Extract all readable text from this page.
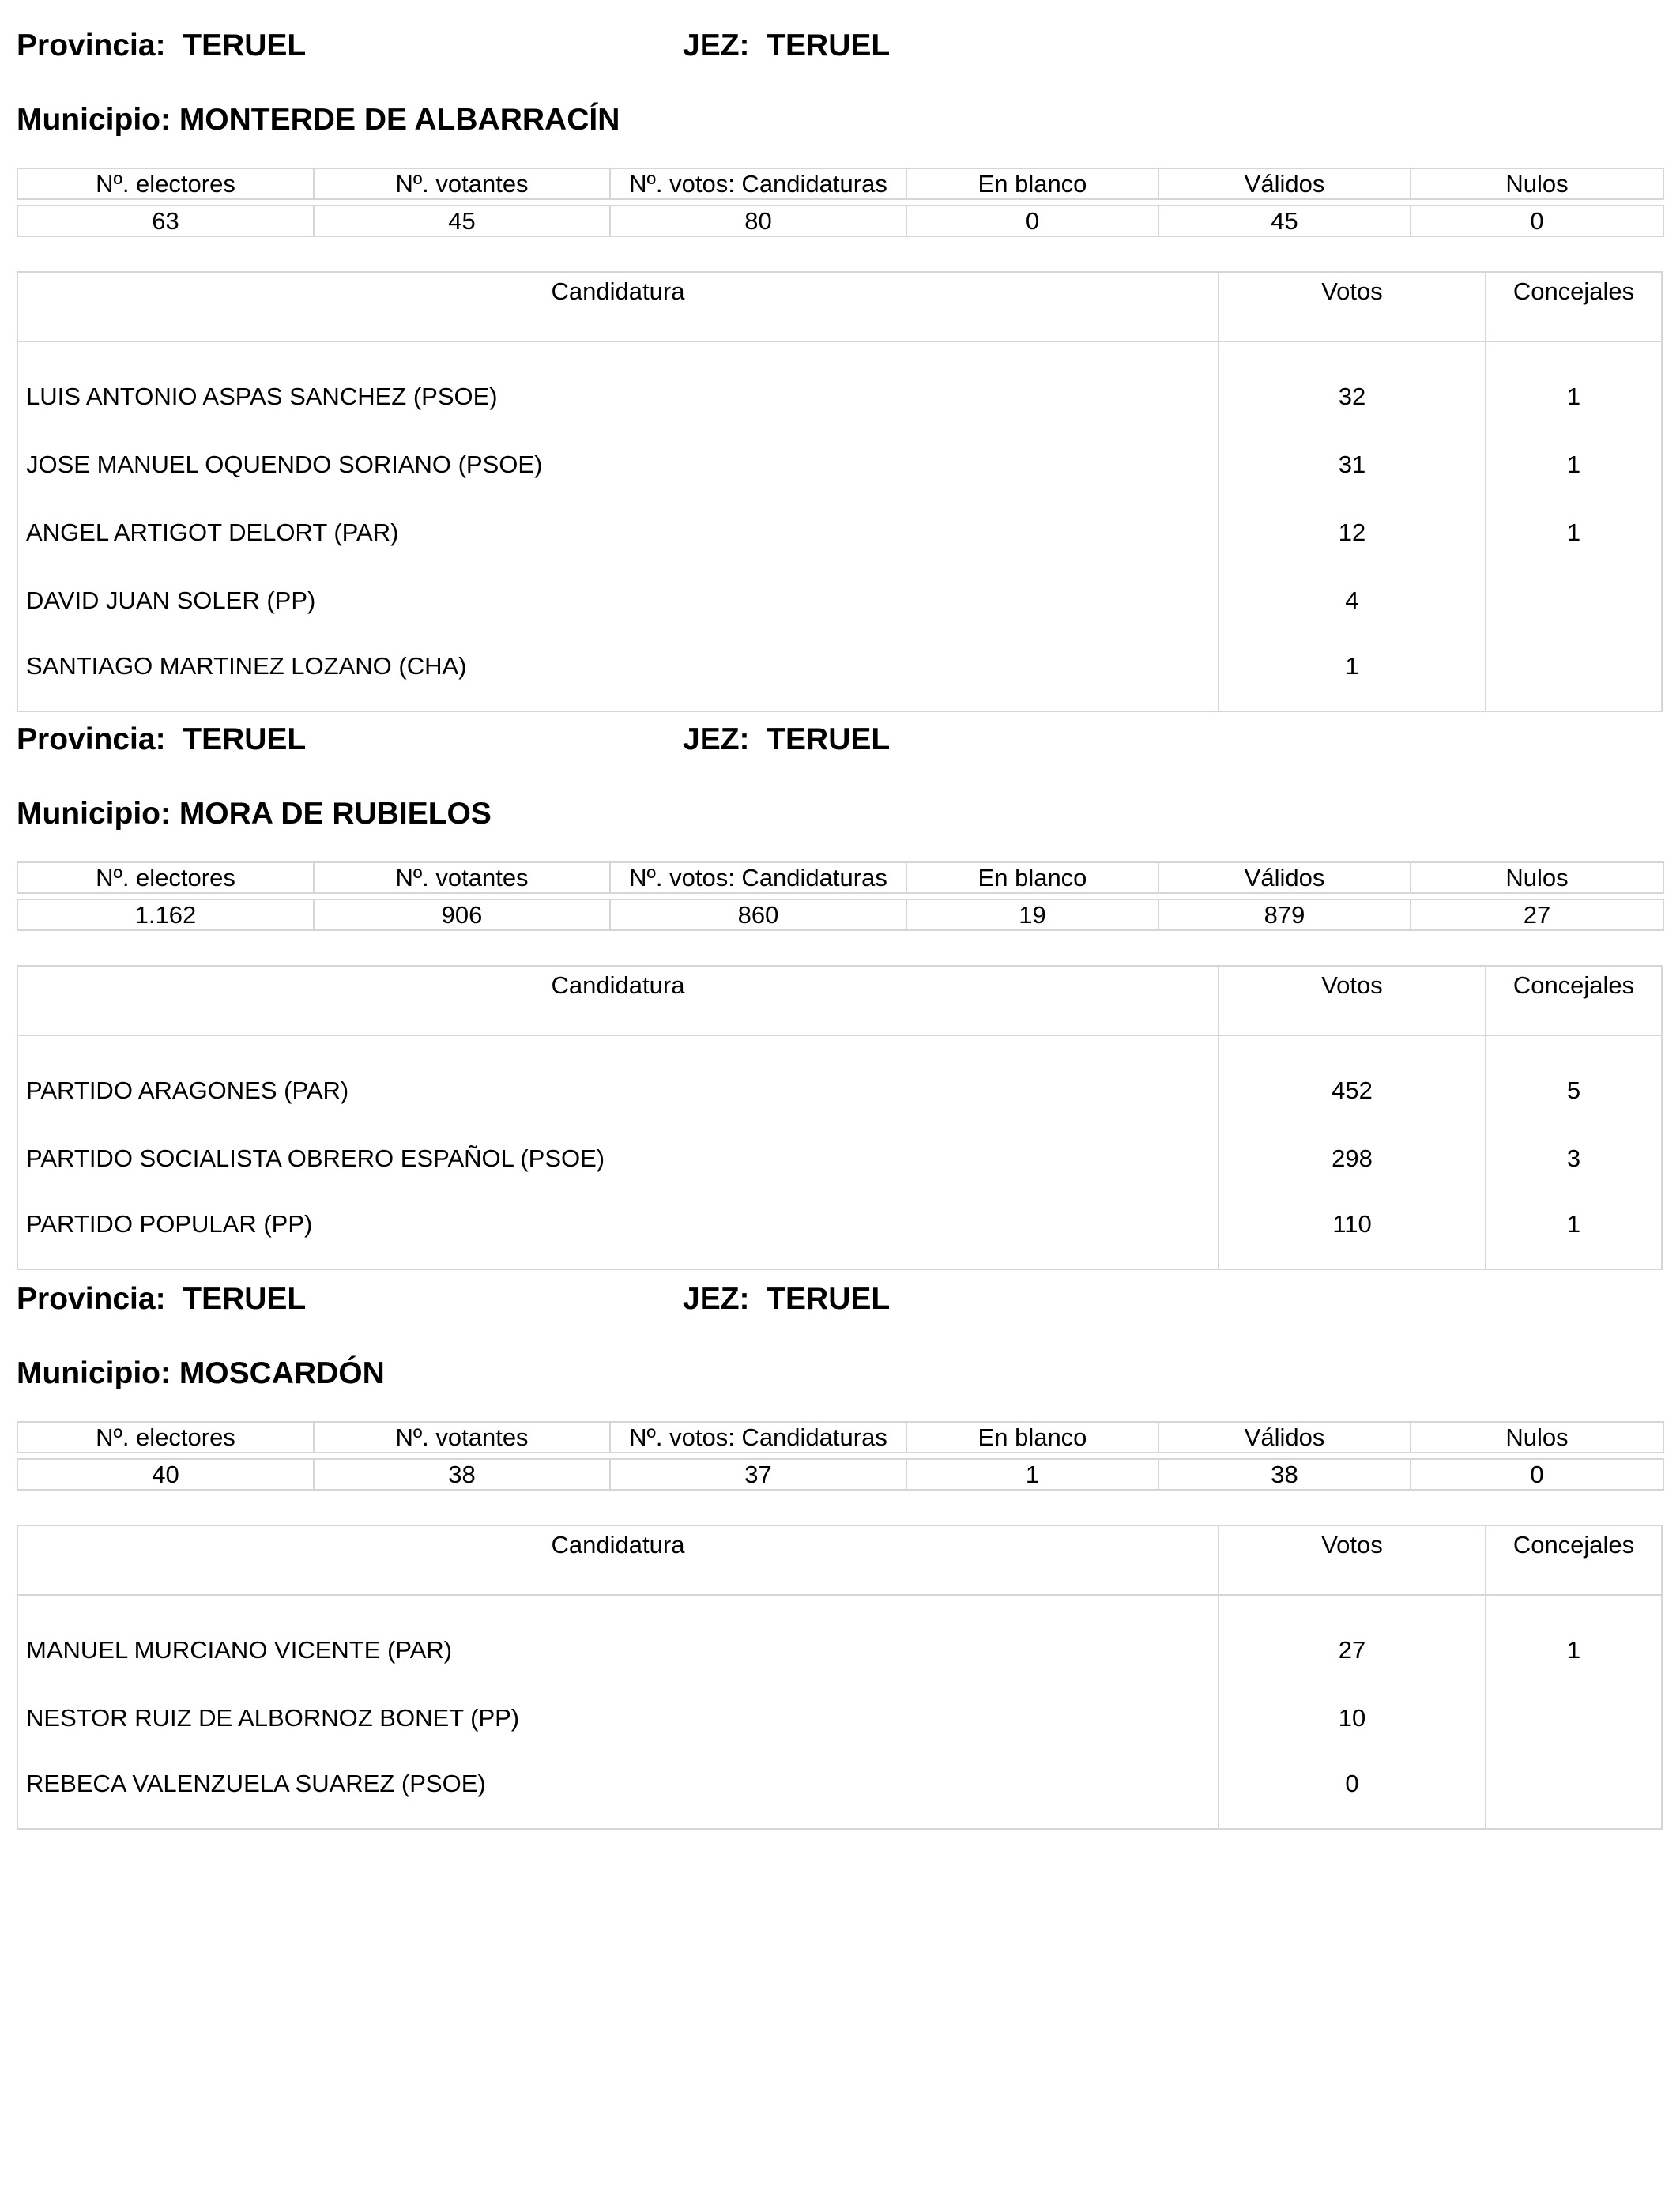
Provincia: TERUEL	JEZ: TERUEL
Municipio: MONTERDE DE ALBARRACÍN
Nº. electores	Nº. votantes	Nº. votos: Candidaturas	En blanco	Válidos	Nulos

63	45	80	0	45	0
Candidatura	Votos	Concejales

LUIS ANTONIO ASPAS SANCHEZ (PSOE)	32	1
JOSE MANUEL OQUENDO SORIANO (PSOE)	31	1
ANGEL ARTIGOT DELORT (PAR)	12	1
DAVID JUAN SOLER (PP)	4	
SANTIAGO MARTINEZ LOZANO (CHA)	1	
Provincia: TERUEL	JEZ: TERUEL
Municipio: MORA DE RUBIELOS
Nº. electores	Nº. votantes	Nº. votos: Candidaturas	En blanco	Válidos	Nulos

1.162	906	860	19	879	27
Candidatura	Votos	Concejales

PARTIDO ARAGONES (PAR)	452	5
PARTIDO SOCIALISTA OBRERO ESPAÑOL (PSOE)	298	3
PARTIDO POPULAR (PP)	110	1
Provincia: TERUEL	JEZ: TERUEL
Municipio: MOSCARDÓN
Nº. electores	Nº. votantes	Nº. votos: Candidaturas	En blanco	Válidos	Nulos

40	38	37	1	38	0
Candidatura	Votos	Concejales

MANUEL MURCIANO VICENTE (PAR)	27	1
NESTOR RUIZ DE ALBORNOZ BONET (PP)	10	
REBECA VALENZUELA SUAREZ (PSOE)	0	
